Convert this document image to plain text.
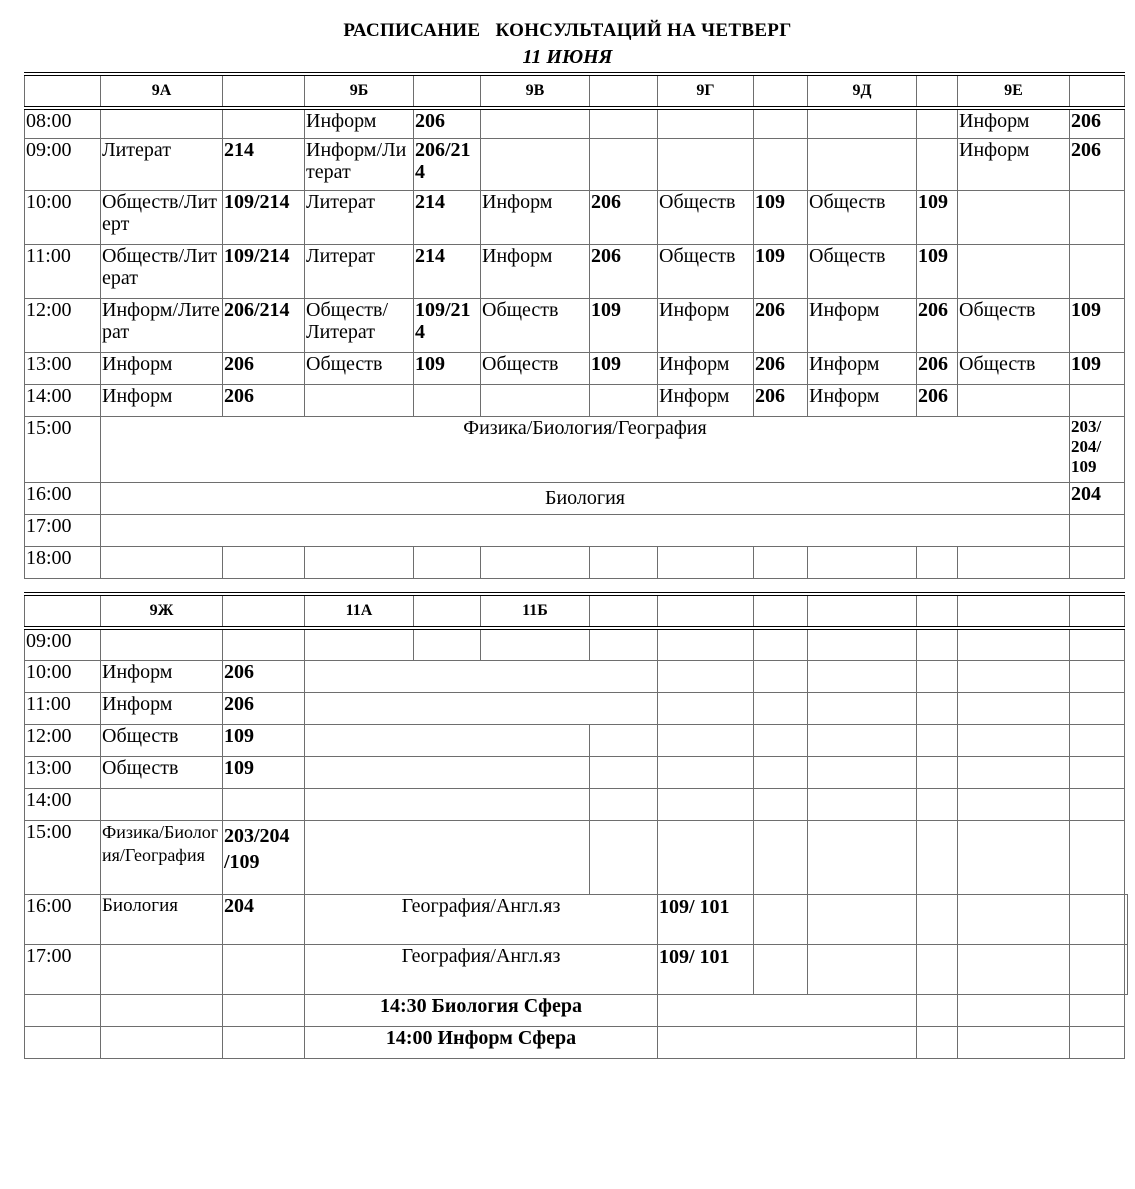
РАСПИСАНИЕ   КОНСУЛЬТАЦИЙ НА ЧЕТВЕРГ
11 ИЮНЯ
	9А		9Б		9В		9Г		9Д		9Е	
08:00			Информ	206							Информ	206
09:00	Литерат	214	Информ/Литерат	206/214							Информ	206
10:00	Обществ/Литерт	109/214	Литерат	214	Информ	206	Обществ	109	Обществ	109		
11:00	Обществ/Литерат	109/214	Литерат	214	Информ	206	Обществ	109	Обществ	109		
12:00	Информ/Литерат	206/214	Обществ/ Литерат	109/214	Обществ	109	Информ	206	Информ	206	Обществ	109
13:00	Информ	206	Обществ	109	Обществ	109	Информ	206	Информ	206	Обществ	109
14:00	Информ	206					Информ	206	Информ	206		
15:00	Физика/Биология/География											203/ 204/ 109
16:00	Биология											204
17:00												
18:00												
	9Ж		11А		11Б								
09:00													
10:00	Информ	206											
11:00	Информ	206											
12:00	Обществ	109											
13:00	Обществ	109											
14:00													
15:00	Физика/Биология/География	203/204 /109											
16:00	Биология	204	География/Англ.яз				109/ 101						
17:00			География/Англ.яз				109/ 101						
			14:30 Биология Сфера										
			14:00 Информ Сфера										
